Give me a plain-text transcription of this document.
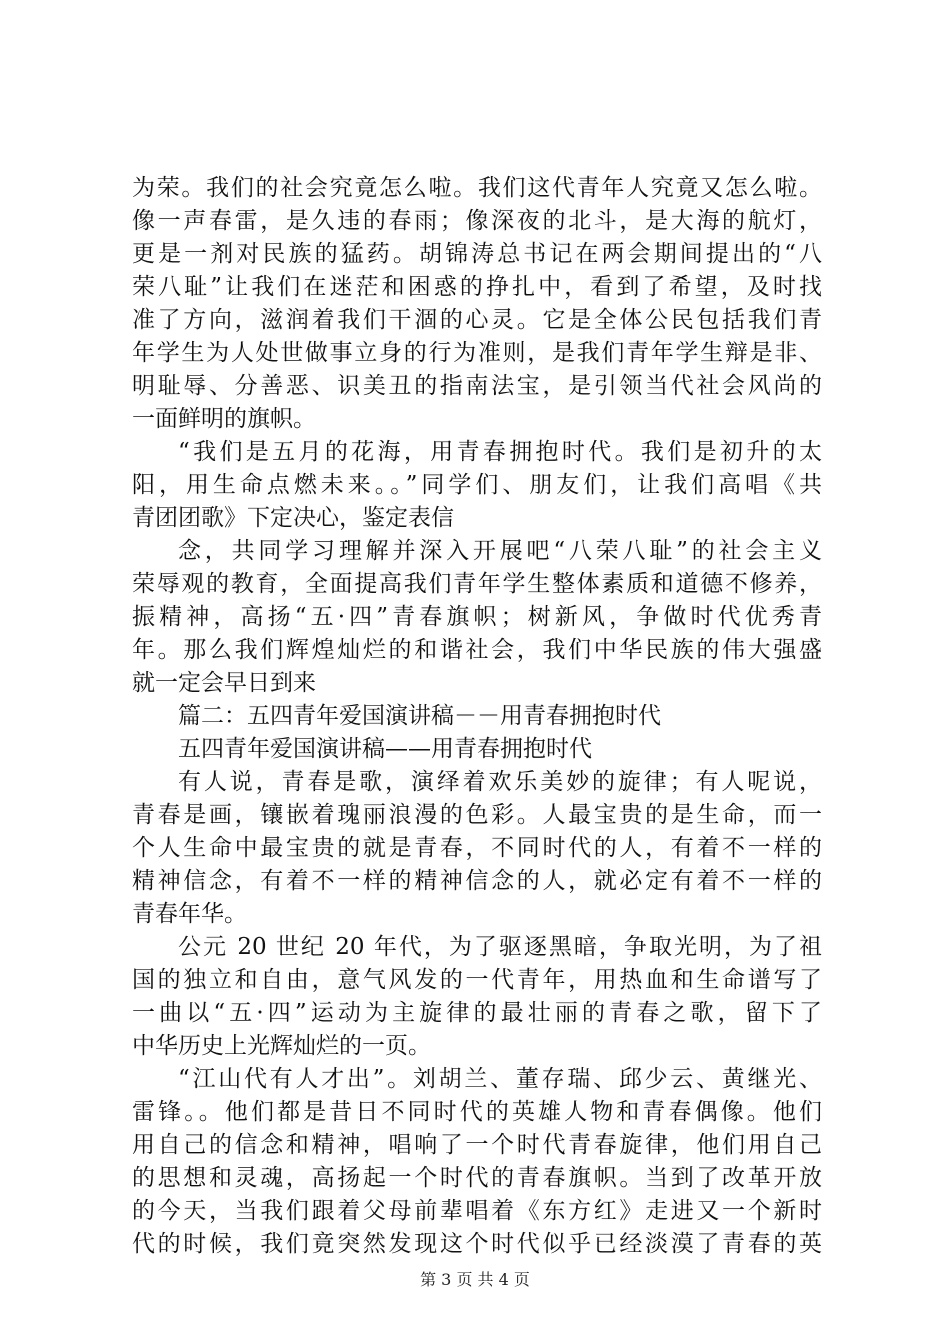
为荣。我们的社会究竟怎么啦。我们这代青年人究竟又怎么啦。
像一声春雷，是久违的春雨；像深夜的北斗，是大海的航灯，
更是一剂对民族的猛药。胡锦涛总书记在两会期间提出的“八
荣八耻”让我们在迷茫和困惑的挣扎中，看到了希望，及时找
准了方向，滋润着我们干涸的心灵。它是全体公民包括我们青
年学生为人处世做事立身的行为准则，是我们青年学生辩是非、
明耻辱、分善恶、识美丑的指南法宝，是引领当代社会风尚的
一面鲜明的旗帜。
“我们是五月的花海，用青春拥抱时代。我们是初升的太
阳，用生命点燃未来。。”同学们、朋友们，让我们高唱《共
青团团歌》下定决心，鉴定表信
念，共同学习理解并深入开展吧“八荣八耻”的社会主义
荣辱观的教育，全面提高我们青年学生整体素质和道德不修养，
振精神，高扬“五·四”青春旗帜；树新风，争做时代优秀青
年。那么我们辉煌灿烂的和谐社会，我们中华民族的伟大强盛
就一定会早日到来
篇二：五四青年爱国演讲稿－－用青春拥抱时代
五四青年爱国演讲稿——用青春拥抱时代
有人说，青春是歌，演绎着欢乐美妙的旋律；有人呢说，
青春是画，镶嵌着瑰丽浪漫的色彩。人最宝贵的是生命，而一
个人生命中最宝贵的就是青春，不同时代的人，有着不一样的
精神信念，有着不一样的精神信念的人，就必定有着不一样的
青春年华。
公元 20 世纪 20 年代，为了驱逐黑暗，争取光明，为了祖
国的独立和自由，意气风发的一代青年，用热血和生命谱写了
一曲以“五·四”运动为主旋律的最壮丽的青春之歌，留下了
中华历史上光辉灿烂的一页。
“江山代有人才出”。刘胡兰、董存瑞、邱少云、黄继光、
雷锋。。他们都是昔日不同时代的英雄人物和青春偶像。他们
用自己的信念和精神，唱响了一个时代青春旋律，他们用自己
的思想和灵魂，高扬起一个时代的青春旗帜。当到了改革开放
的今天，当我们跟着父母前辈唱着《东方红》走进又一个新时
代的时候，我们竟突然发现这个时代似乎已经淡漠了青春的英
第 3 页 共 4 页
